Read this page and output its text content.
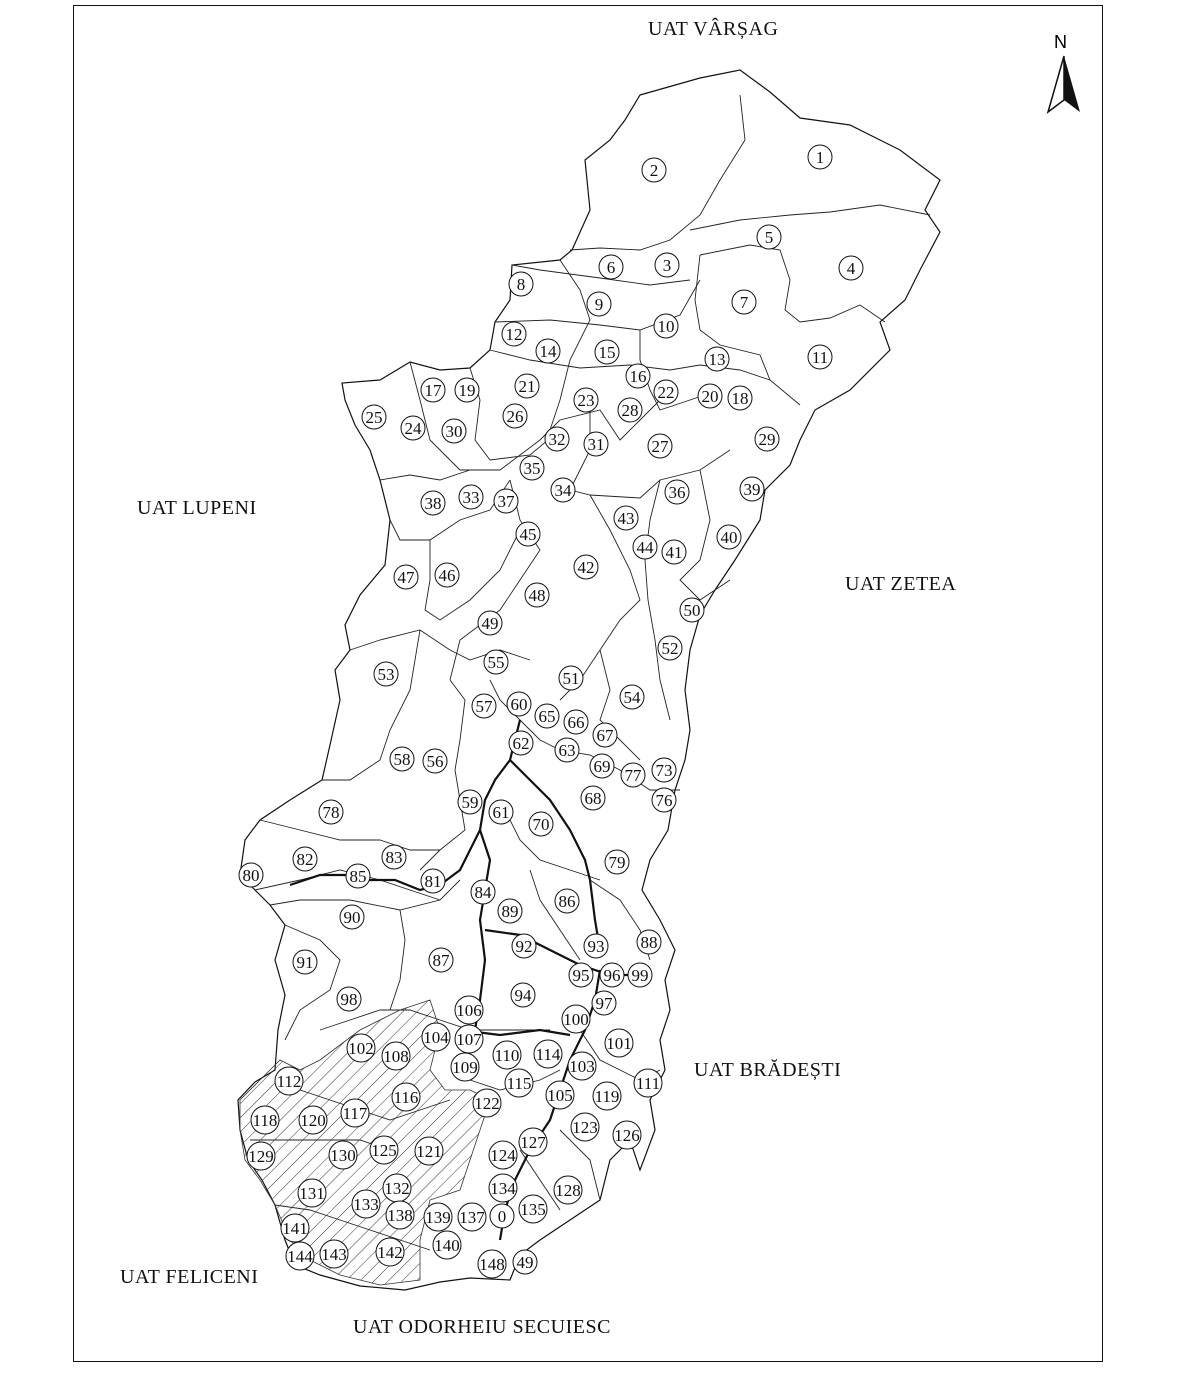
1
2
3	4
5
6
7
8
9
10
11
12
13
14 15
16
17	18
19	20
21	22
23
24
25	26
27
28
29
30
31
32
33	34
35
36
37
38
39
40
41
42
43
44
45
46
47
48
49
50
51
52
53
54
55
56
57
58
59
60
61
62 63
65 66
67
68
69
70
73
76
77
78
79
80	81
82	83
84
85
86
87
88
89
90
91
92	93
94
95 96
97
98
99
100
101
102
103
104
105
106
107
108
109
110
111
112
114
115
116
117
118
119
120
121
122
123
124
125
126
127
128
129	130
131	132
133
134
135
137
138 139
140
141
142
143
144
0
148 49
UAT VÂRȘAG
UAT LUPENI
UAT ZETEA
UAT BRĂDEȘTI
UAT FELICENI
UAT ODORHEIU SECUIESC
N
